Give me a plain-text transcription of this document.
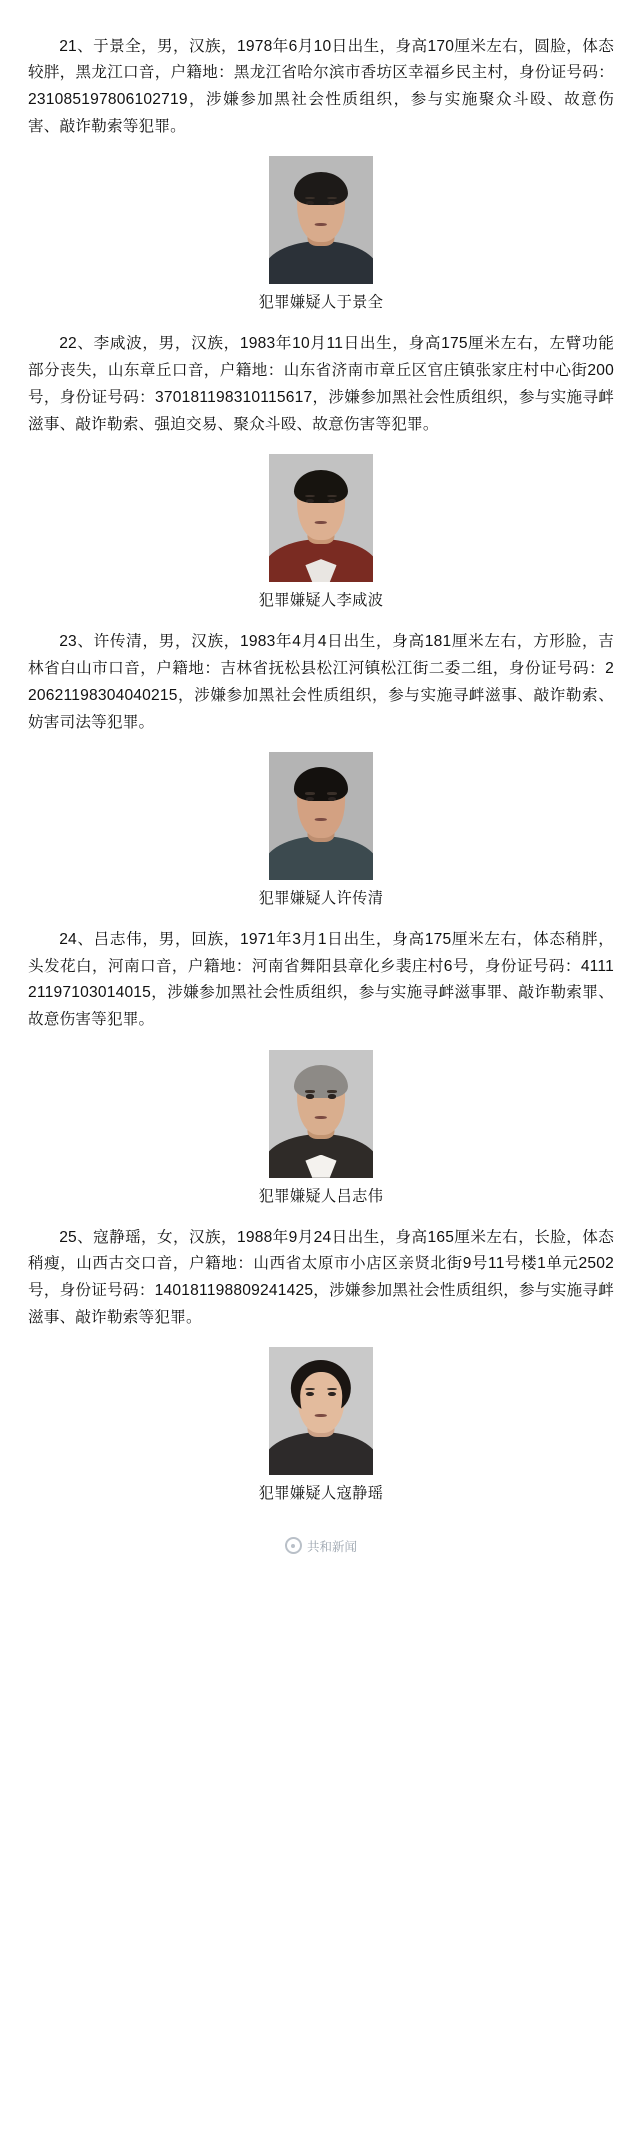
21、于景全，男，汉族，1978年6月10日出生，身高170厘米左右，圆脸，体态较胖，黑龙江口音，户籍地：黑龙江省哈尔滨市香坊区幸福乡民主村，身份证号码：231085197806102719，涉嫌参加黑社会性质组织，参与实施聚众斗殴、故意伤害、敲诈勒索等犯罪。

犯罪嫌疑人于景全

22、李咸波，男，汉族，1983年10月11日出生，身高175厘米左右，左臂功能部分丧失，山东章丘口音，户籍地：山东省济南市章丘区官庄镇张家庄村中心街200号，身份证号码：370181198310115617，涉嫌参加黑社会性质组织，参与实施寻衅滋事、敲诈勒索、强迫交易、聚众斗殴、故意伤害等犯罪。

犯罪嫌疑人李咸波

23、许传清，男，汉族，1983年4月4日出生，身高181厘米左右，方形脸，吉林省白山市口音，户籍地：吉林省抚松县松江河镇松江街二委二组，身份证号码：220621198304040215，涉嫌参加黑社会性质组织，参与实施寻衅滋事、敲诈勒索、妨害司法等犯罪。

犯罪嫌疑人许传清

24、吕志伟，男，回族，1971年3月1日出生，身高175厘米左右，体态稍胖，头发花白，河南口音，户籍地：河南省舞阳县章化乡裴庄村6号，身份证号码：411121197103014015，涉嫌参加黑社会性质组织，参与实施寻衅滋事罪、敲诈勒索罪、故意伤害等犯罪。

犯罪嫌疑人吕志伟

25、寇静瑶，女，汉族，1988年9月24日出生，身高165厘米左右，长脸，体态稍瘦，山西古交口音，户籍地：山西省太原市小店区亲贤北街9号11号楼1单元2502号，身份证号码：140181198809241425，涉嫌参加黑社会性质组织，参与实施寻衅滋事、敲诈勒索等犯罪。

犯罪嫌疑人寇静瑶
共和新闻
